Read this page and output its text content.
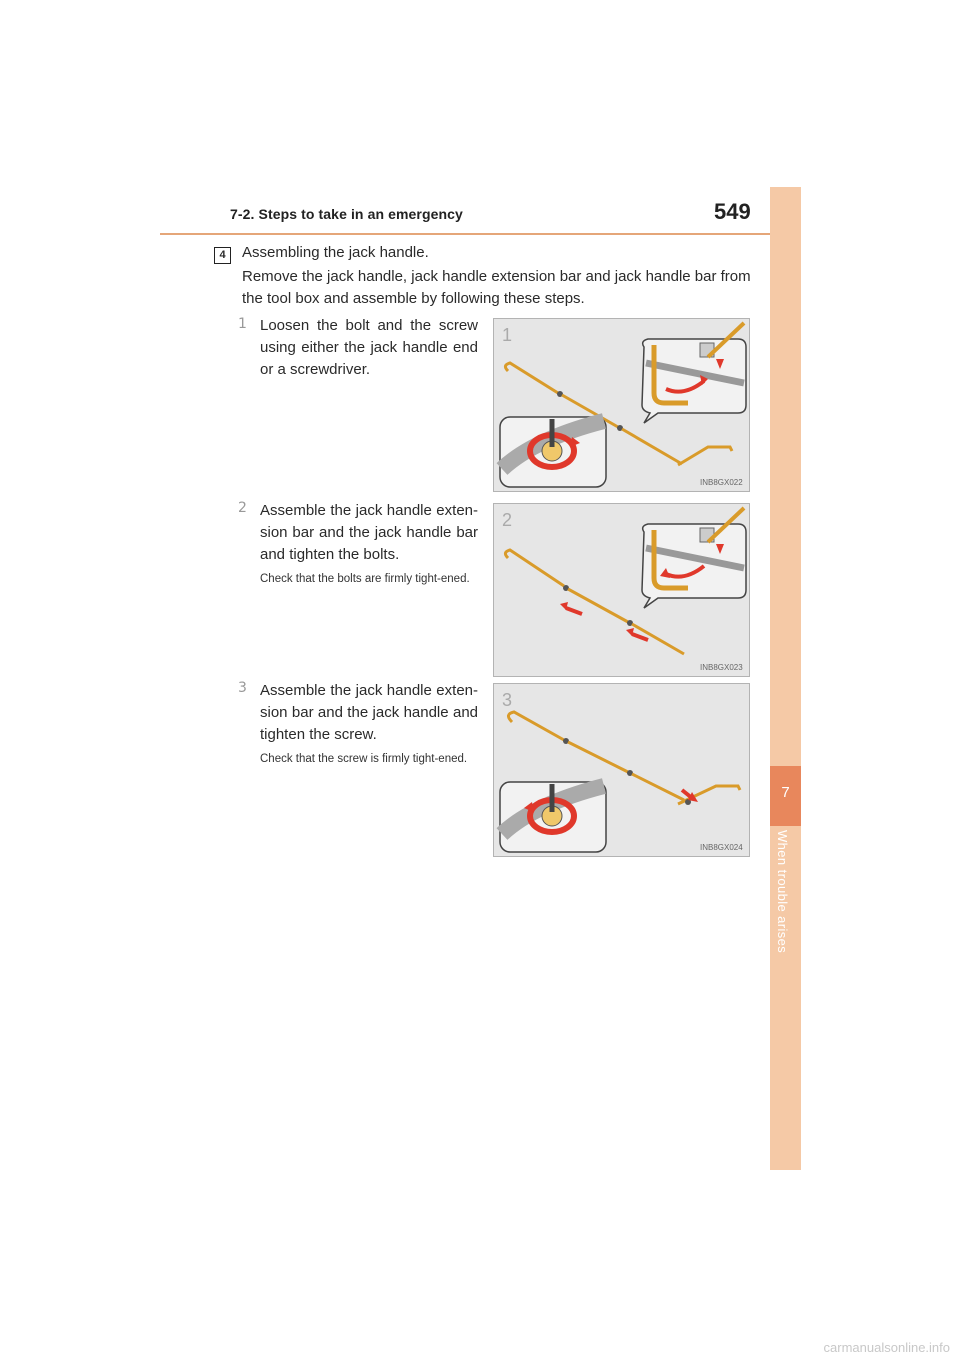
7-2. Steps to take in an emergency	549
7
When trouble arises
4	Assembling the jack handle.
Remove the jack handle, jack handle extension bar and jack handle bar from the tool box and assemble by following these steps.
1 Loosen the bolt and the screw using either the jack handle end or a screwdriver.
1
INB8GX022
2 Assemble the jack handle exten-sion bar and the jack handle bar and tighten the bolts.
Check that the bolts are firmly tight-ened.
2
INB8GX023
3 Assemble the jack handle exten-sion bar and the jack handle and tighten the screw.
Check that the screw is firmly tight-ened.
3
INB8GX024
carmanualsonline.info
